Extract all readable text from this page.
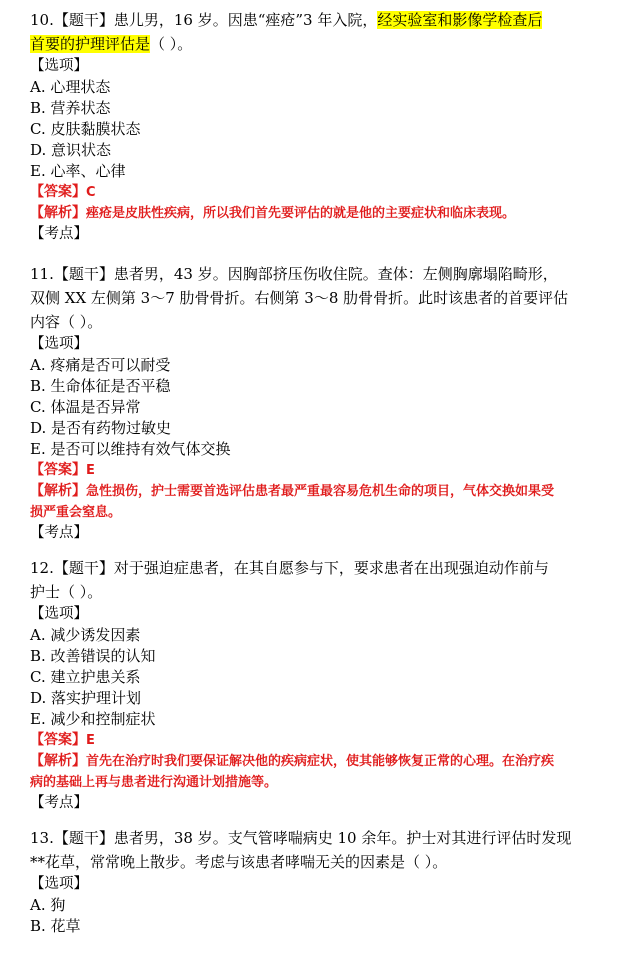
10.【题干】患儿男，16 岁。因患“痤疮”3 年入院，经实验室和影像学检查后
首要的护理评估是（ ）。
【选项】
A. 心理状态
B. 营养状态
C. 皮肤黏膜状态
D. 意识状态
E. 心率、心律
【答案】C
【解析】痤疮是皮肤性疾病，所以我们首先要评估的就是他的主要症状和临床表现。
【考点】
11.【题干】患者男，43 岁。因胸部挤压伤收住院。查体：左侧胸廓塌陷畸形，
双侧 XX 左侧第 3～7 肋骨骨折。右侧第 3～8 肋骨骨折。此时该患者的首要评估
内容（ ）。
【选项】
A. 疼痛是否可以耐受
B. 生命体征是否平稳
C. 体温是否异常
D. 是否有药物过敏史
E. 是否可以维持有效气体交换
【答案】E
【解析】急性损伤，护士需要首选评估患者最严重最容易危机生命的项目，气体交换如果受
损严重会窒息。
【考点】
12.【题干】对于强迫症患者，在其自愿参与下，要求患者在出现强迫动作前与
护士（ ）。
【选项】
A. 减少诱发因素
B. 改善错误的认知
C. 建立护患关系
D. 落实护理计划
E. 减少和控制症状
【答案】E
【解析】首先在治疗时我们要保证解决他的疾病症状，使其能够恢复正常的心理。在治疗疾
病的基础上再与患者进行沟通计划措施等。
【考点】
13.【题干】患者男，38 岁。支气管哮喘病史 10 余年。护士对其进行评估时发现
**花草，常常晚上散步。考虑与该患者哮喘无关的因素是（ ）。
【选项】
A. 狗
B. 花草
